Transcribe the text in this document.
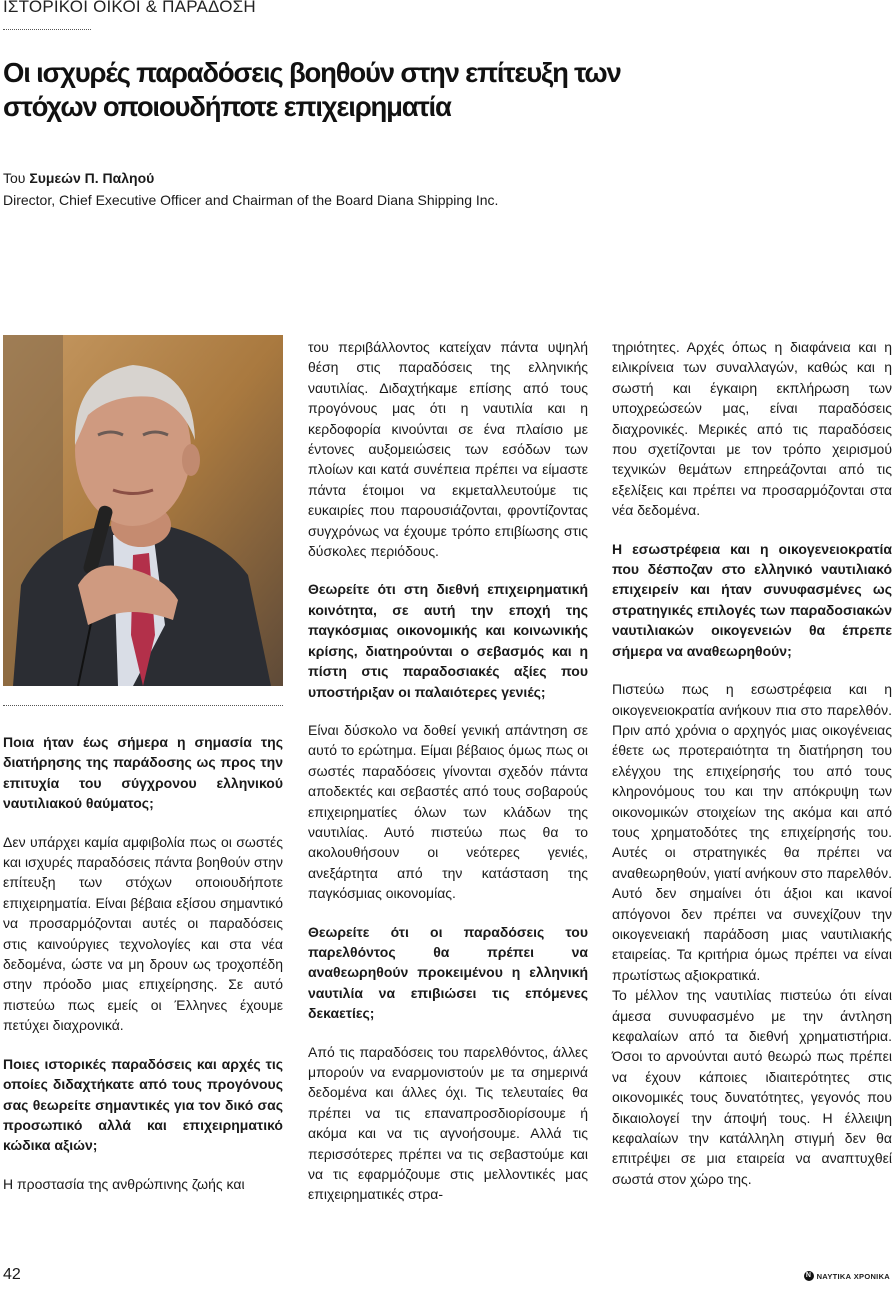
ΙΣΤΟΡΙΚΟΙ ΟΙΚΟΙ & ΠΑΡΑΔΟΣΗ
Οι ισχυρές παραδόσεις βοηθούν στην επίτευξη των στόχων οποιουδήποτε επιχειρηματία
Του Συμεών Π. Παληού
Director, Chief Executive Officer and Chairman of the Board Diana Shipping Inc.

Ποια ήταν έως σήμερα η σημασία της διατήρησης της παράδοσης ως προς την επιτυχία του σύγχρονου ελληνικού ναυτιλιακού θαύματος;

Δεν υπάρχει καμία αμφιβολία πως οι σωστές και ισχυρές παραδόσεις πάντα βοηθούν στην επίτευξη των στόχων οποιουδήποτε επιχειρηματία. Είναι βέβαια εξίσου σημαντικό να προσαρμόζονται αυτές οι παραδόσεις στις καινούργιες τεχνολογίες και στα νέα δεδομένα, ώστε να μη δρουν ως τροχοπέδη στην πρόοδο μιας επιχείρησης. Σε αυτό πιστεύω πως εμείς οι Έλληνες έχουμε πετύχει διαχρονικά.

Ποιες ιστορικές παραδόσεις και αρχές τις οποίες διδαχτήκατε από τους προγόνους σας θεωρείτε σημαντικές για τον δικό σας προσωπικό αλλά και επιχειρηματικό κώδικα αξιών;

Η προστασία της ανθρώπινης ζωής και

του περιβάλλοντος κατείχαν πάντα υψηλή θέση στις παραδόσεις της ελληνικής ναυτιλίας. Διδαχτήκαμε επίσης από τους προγόνους μας ότι η ναυτιλία και η κερδοφορία κινούνται σε ένα πλαίσιο με έντονες αυξομειώσεις των εσόδων των πλοίων και κατά συνέπεια πρέπει να είμαστε πάντα έτοιμοι να εκμεταλλευτούμε τις ευκαιρίες που παρουσιάζονται, φροντίζοντας συγχρόνως να έχουμε τρόπο επιβίωσης στις δύσκολες περιόδους.

Θεωρείτε ότι στη διεθνή επιχειρηματική κοινότητα, σε αυτή την εποχή της παγκόσμιας οικονομικής και κοινωνικής κρίσης, διατηρούνται ο σεβασμός και η πίστη στις παραδοσιακές αξίες που υποστήριξαν οι παλαιότερες γενιές;

Είναι δύσκολο να δοθεί γενική απάντηση σε αυτό το ερώτημα. Είμαι βέβαιος όμως πως οι σωστές παραδόσεις γίνονται σχεδόν πάντα αποδεκτές και σεβαστές από τους σοβαρούς επιχειρηματίες όλων των κλάδων της ναυτιλίας. Αυτό πιστεύω πως θα το ακολουθήσουν οι νεότερες γενιές, ανεξάρτητα από την κατάσταση της παγκόσμιας οικονομίας.

Θεωρείτε ότι οι παραδόσεις του παρελθόντος θα πρέπει να αναθεωρηθούν προκειμένου η ελληνική ναυτιλία να επιβιώσει τις επόμενες δεκαετίες;

Από τις παραδόσεις του παρελθόντος, άλλες μπορούν να εναρμονιστούν με τα σημερινά δεδομένα και άλλες όχι. Τις τελευταίες θα πρέπει να τις επαναπροσδιορίσουμε ή ακόμα και να τις αγνοήσουμε. Αλλά τις περισσότερες πρέπει να τις σεβαστούμε και να τις εφαρμόζουμε στις μελλοντικές μας επιχειρηματικές στρα-

τηριότητες. Αρχές όπως η διαφάνεια και η ειλικρίνεια των συναλλαγών, καθώς και η σωστή και έγκαιρη εκπλήρωση των υποχρεώσεών μας, είναι παραδόσεις διαχρονικές. Μερικές από τις παραδόσεις που σχετίζονται με τον τρόπο χειρισμού τεχνικών θεμάτων επηρεάζονται από τις εξελίξεις και πρέπει να προσαρμόζονται στα νέα δεδομένα.

Η εσωστρέφεια και η οικογενειοκρατία που δέσποζαν στο ελληνικό ναυτιλιακό επιχειρείν και ήταν συνυφασμένες ως στρατηγικές επιλογές των παραδοσιακών ναυτιλιακών οικογενειών θα έπρεπε σήμερα να αναθεωρηθούν;

Πιστεύω πως η εσωστρέφεια και η οικογενειοκρατία ανήκουν πια στο παρελθόν. Πριν από χρόνια ο αρχηγός μιας οικογένειας έθετε ως προτεραιότητα τη διατήρηση του ελέγχου της επιχείρησής του από τους κληρονόμους του και την απόκρυψη των οικονομικών στοιχείων της ακόμα και από τους χρηματοδότες της επιχείρησής του. Αυτές οι στρατηγικές θα πρέπει να αναθεωρηθούν, γιατί ανήκουν στο παρελθόν. Αυτό δεν σημαίνει ότι άξιοι και ικανοί απόγονοι δεν πρέπει να συνεχίζουν την οικογενειακή παράδοση μιας ναυτιλιακής εταιρείας. Τα κριτήρια όμως πρέπει να είναι πρωτίστως αξιοκρατικά.

Το μέλλον της ναυτιλίας πιστεύω ότι είναι άμεσα συνυφασμένο με την άντληση κεφαλαίων από τα διεθνή χρηματιστήρια. Όσοι το αρνούνται αυτό θεωρώ πως πρέπει να έχουν κάποιες ιδιαιτερότητες στις οικονομικές τους δυνατότητες, γεγονός που δικαιολογεί την άποψή τους. Η έλλειψη κεφαλαίων την κατάλληλη στιγμή δεν θα επιτρέψει σε μια εταιρεία να αναπτυχθεί σωστά στον χώρο της.

42	N ΝΑΥΤΙΚΑ ΧΡΟΝΙΚΑ
